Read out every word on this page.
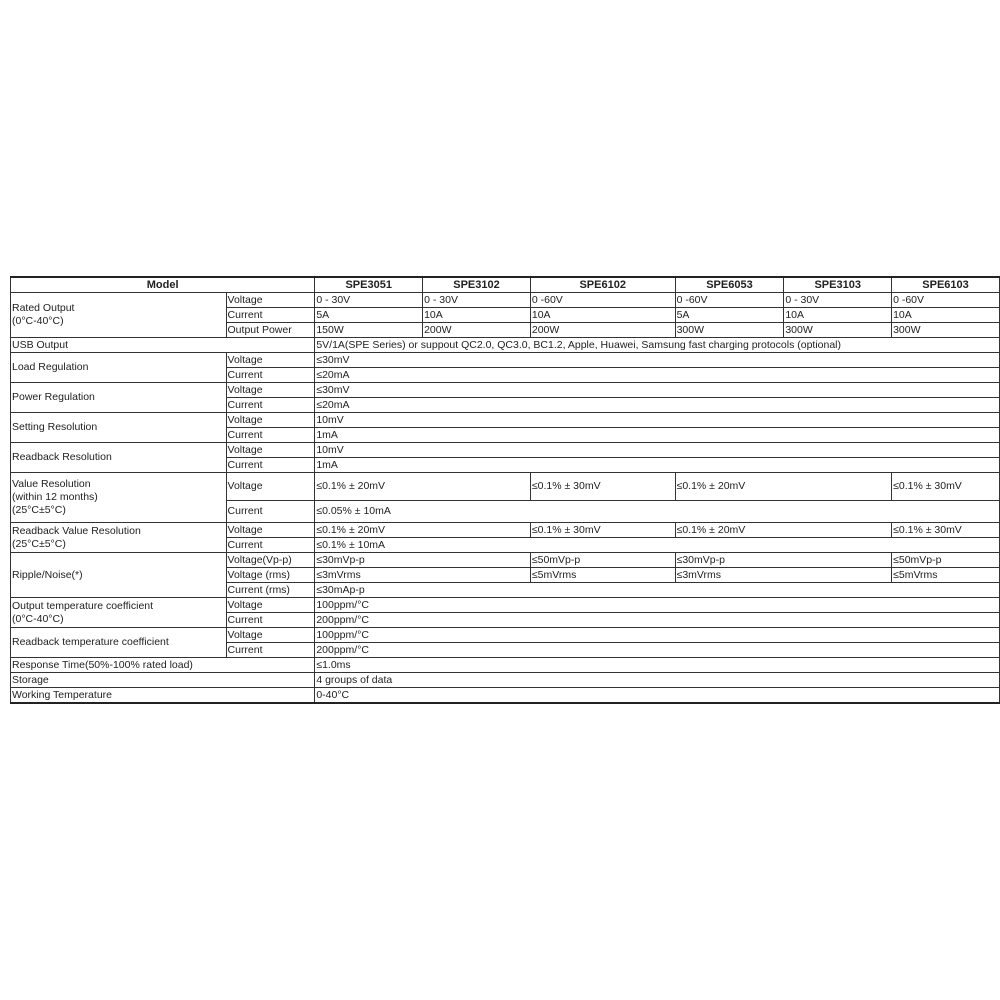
Model		SPE3051	SPE3102	SPE6102	SPE6053	SPE3103	SPE6103
Rated Output
(0°C-40°C)	Voltage	0 - 30V	0 - 30V	0 -60V	0 -60V	0 - 30V	0 -60V
	Current	5A	10A	10A	5A	10A	10A
	Output Power	150W	200W	200W	300W	300W	300W
USB Output		5V/1A(SPE Series) or suppout QC2.0, QC3.0, BC1.2, Apple, Huawei, Samsung fast charging protocols (optional)					
Load Regulation	Voltage	≤30mV					
	Current	≤20mA					
Power Regulation	Voltage	≤30mV					
	Current	≤20mA					
Setting Resolution	Voltage	10mV					
	Current	1mA					
Readback Resolution	Voltage	10mV					
	Current	1mA					
Value Resolution
(within 12 months)
(25°C±5°C)	Voltage	≤0.1% ± 20mV		≤0.1% ± 30mV	≤0.1% ± 20mV		≤0.1% ± 30mV
	Current	≤0.05% ± 10mA					
Readback Value Resolution
(25°C±5°C)	Voltage	≤0.1% ± 20mV		≤0.1% ± 30mV	≤0.1% ± 20mV		≤0.1% ± 30mV
	Current	≤0.1% ± 10mA					
Ripple/Noise(*)	Voltage(Vp-p)	≤30mVp-p		≤50mVp-p	≤30mVp-p		≤50mVp-p
	Voltage (rms)	≤3mVrms		≤5mVrms	≤3mVrms		≤5mVrms
	Current (rms)	≤30mAp-p					
Output temperature coefficient
(0°C-40°C)	Voltage	100ppm/°C					
	Current	200ppm/°C					
Readback temperature coefficient	Voltage	100ppm/°C					
	Current	200ppm/°C					
Response Time(50%-100% rated load)		≤1.0ms					
Storage		4 groups of data					
Working Temperature		0-40°C					
